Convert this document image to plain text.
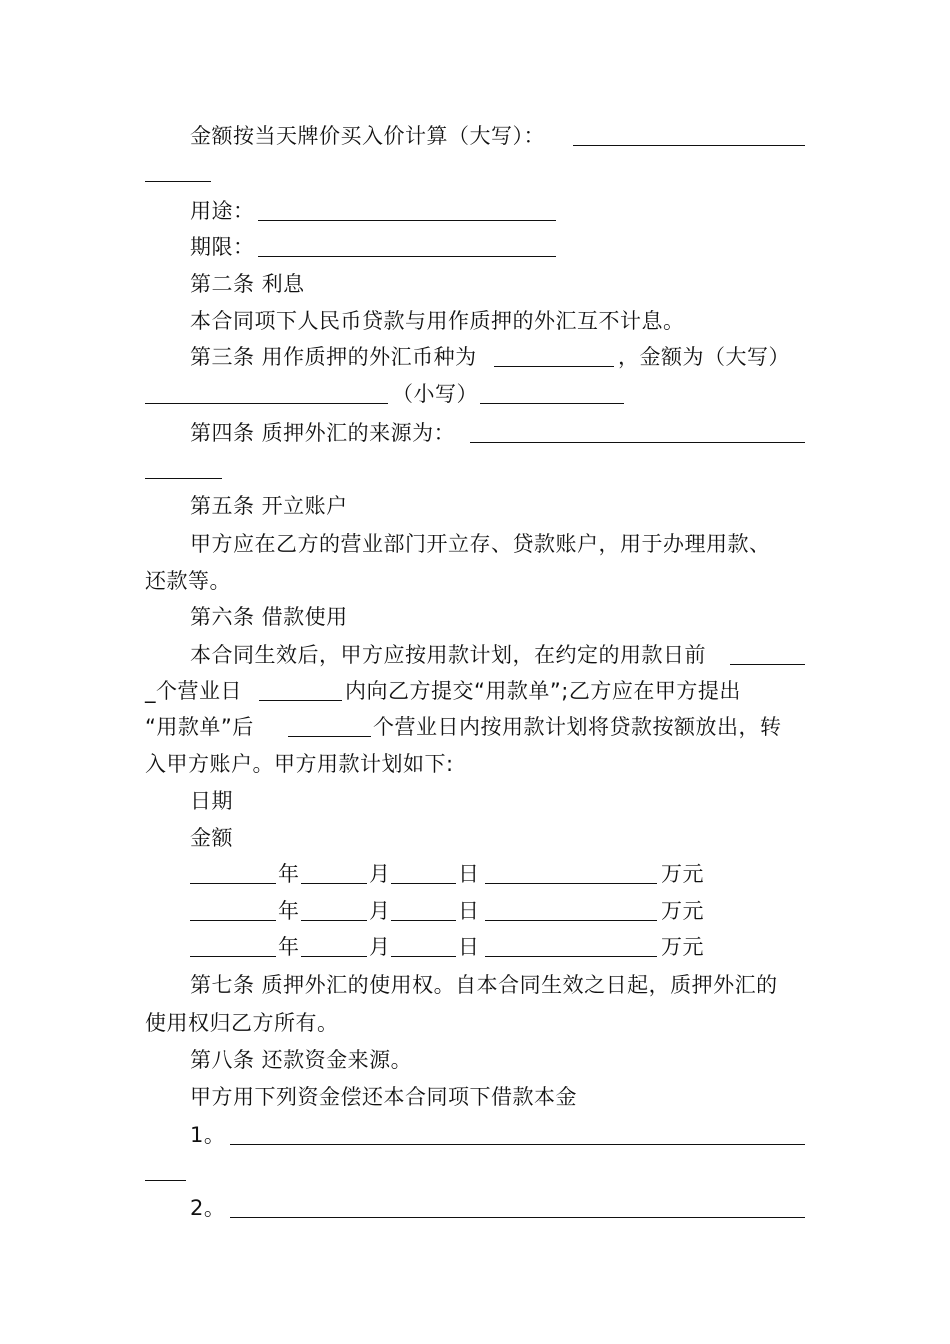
金额按当天牌价买入价计算（大写）：
用途：
期限：
第二条 利息
本合同项下人民币贷款与用作质押的外汇互不计息。
第三条 用作质押的外汇币种为	，金额为（大写）
（小写）
第四条 质押外汇的来源为：
第五条 开立账户
甲方应在乙方的营业部门开立存、贷款账户，用于办理用款、
还款等。
第六条 借款使用
本合同生效后，甲方应按用款计划，在约定的用款日前
_个营业日	内向乙方提交“用款单”;乙方应在甲方提出
“用款单”后	个营业日内按用款计划将贷款按额放出，转
入甲方账户。甲方用款计划如下:
日期
金额
年	月	日	万元
年	月	日	万元
年	月	日	万元
第七条 质押外汇的使用权。自本合同生效之日起，质押外汇的
使用权归乙方所有。
第八条 还款资金来源。
甲方用下列资金偿还本合同项下借款本金
1。
2。
